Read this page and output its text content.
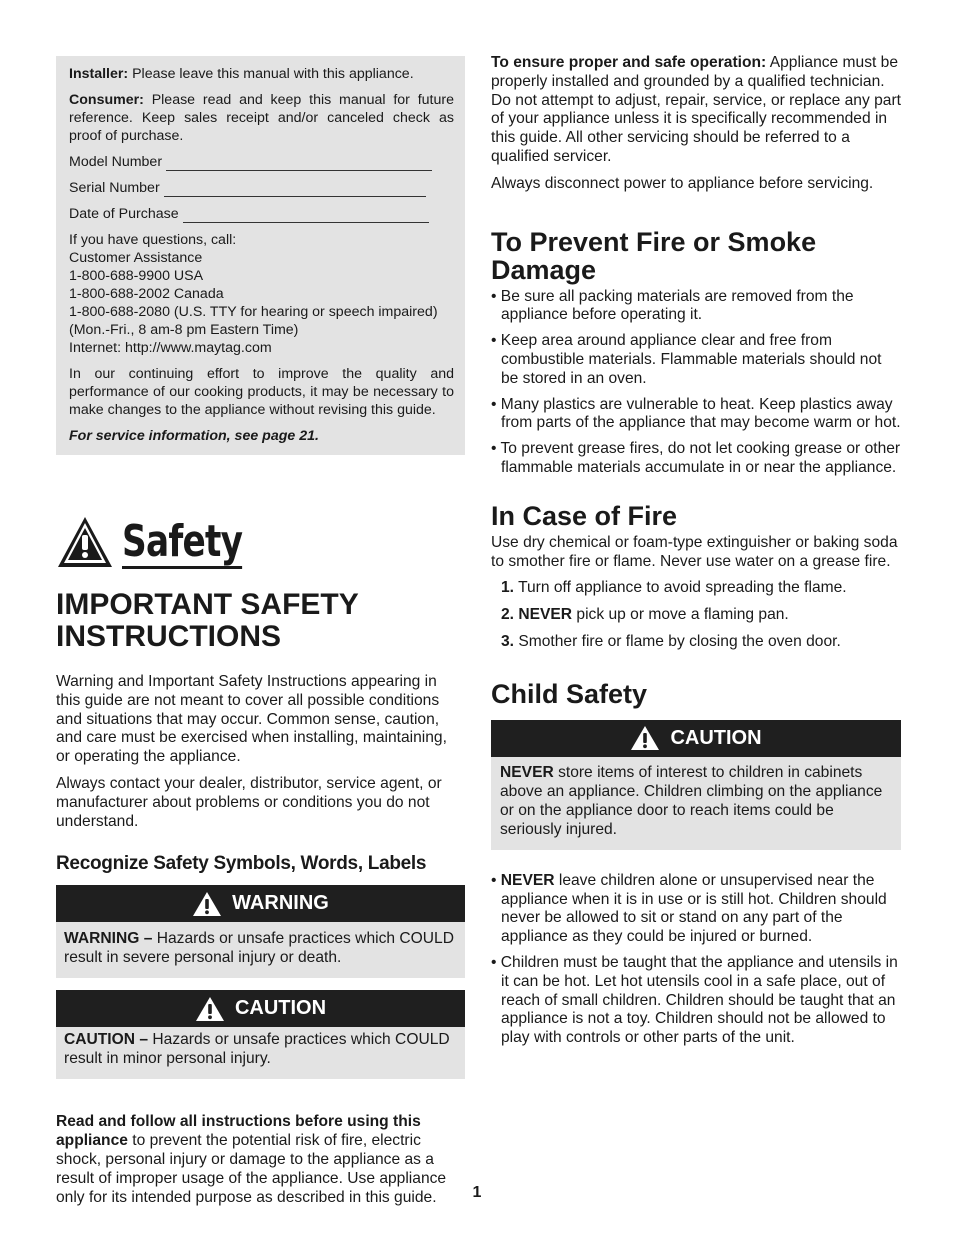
Installer: Please leave this manual with this appliance.

Consumer: Please read and keep this manual for future reference. Keep sales receipt and/or canceled check as proof of purchase.

Model Number
Serial Number
Date of Purchase

If you have questions, call:
Customer Assistance
1-800-688-9900 USA
1-800-688-2002 Canada
1-800-688-2080 (U.S. TTY for hearing or speech impaired)
(Mon.-Fri., 8 am-8 pm Eastern Time)
Internet: http://www.maytag.com

In our continuing effort to improve the quality and performance of our cooking products, it may be necessary to make changes to the appliance without revising this guide.

For service information, see page 21.

Safety
IMPORTANT SAFETY INSTRUCTIONS

Warning and Important Safety Instructions appearing in this guide are not meant to cover all possible conditions and situations that may occur. Common sense, caution, and care must be exercised when installing, maintaining, or operating the appliance.

Always contact your dealer, distributor, service agent, or manufacturer about problems or conditions you do not understand.

Recognize Safety Symbols, Words, Labels
WARNING
WARNING – Hazards or unsafe practices which COULD result in severe personal injury or death.
CAUTION
CAUTION – Hazards or unsafe practices which COULD result in minor personal injury.

Read and follow all instructions before using this appliance to prevent the potential risk of fire, electric shock, personal injury or damage to the appliance as a result of improper usage of the appliance. Use appliance only for its intended purpose as described in this guide.

To ensure proper and safe operation: Appliance must be properly installed and grounded by a qualified technician. Do not attempt to adjust, repair, service, or replace any part of your appliance unless it is specifically recommended in this guide. All other servicing should be referred to a qualified servicer.

Always disconnect power to appliance before servicing.

To Prevent Fire or Smoke Damage
• Be sure all packing materials are removed from the appliance before operating it.
• Keep area around appliance clear and free from combustible materials. Flammable materials should not be stored in an oven.
• Many plastics are vulnerable to heat. Keep plastics away from parts of the appliance that may become warm or hot.
• To prevent grease fires, do not let cooking grease or other flammable materials accumulate in or near the appliance.
In Case of Fire

Use dry chemical or foam-type extinguisher or baking soda to smother fire or flame. Never use water on a grease fire.

1. Turn off appliance to avoid spreading the flame.
2. NEVER pick up or move a flaming pan.
3. Smother fire or flame by closing the oven door.
Child Safety
CAUTION
NEVER store items of interest to children in cabinets above an appliance. Children climbing on the appliance or on the appliance door to reach items could be seriously injured.
• NEVER leave children alone or unsupervised near the appliance when it is in use or is still hot. Children should never be allowed to sit or stand on any part of the appliance as they could be injured or burned.
• Children must be taught that the appliance and utensils in it can be hot. Let hot utensils cool in a safe place, out of reach of small children. Children should be taught that an appliance is not a toy. Children should not be allowed to play with controls or other parts of the unit.
1
